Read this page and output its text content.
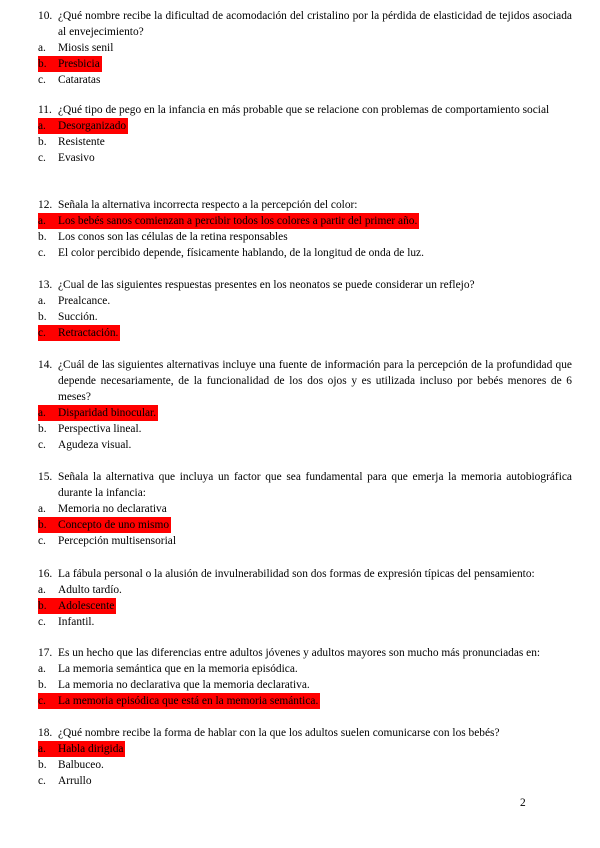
10. ¿Qué nombre recibe la dificultad de acomodación del cristalino por la pérdida de elasticidad de tejidos asociada al envejecimiento?
a.	Miosis senil
b.	Presbicia
c.	Cataratas
11. ¿Qué tipo de pego en la infancia en más probable que se relacione con problemas de comportamiento social
a.	Desorganizado
b.	Resistente
c.	Evasivo
12. Señala la alternativa incorrecta respecto a la percepción del color:
a.	Los bebés sanos comienzan a percibir todos los colores a partir del primer año.
b.	Los conos son las células de la retina responsables
c.	El color percibido depende, físicamente hablando, de la longitud de onda de luz.
13. ¿Cual de las siguientes respuestas presentes en los neonatos se puede considerar un reflejo?
a.	Prealcance.
b.	Succión.
c.	Retractación.
14. ¿Cuál de las siguientes alternativas incluye una fuente de información para la percepción de la profundidad que depende necesariamente, de la funcionalidad de los dos ojos y es utilizada incluso por bebés menores de 6 meses?
a.	Disparidad binocular.
b.	Perspectiva lineal.
c.	Agudeza visual.
15. Señala la alternativa que incluya un factor que sea fundamental para que emerja la memoria autobiográfica durante la infancia:
a.	Memoria no declarativa
b.	Concepto de uno mismo
c.	Percepción multisensorial
16. La fábula personal o la alusión de invulnerabilidad son dos formas de expresión típicas del pensamiento:
a.	Adulto tardío.
b.	Adolescente
c.	Infantil.
17. Es un hecho que las diferencias entre adultos jóvenes y adultos mayores son mucho más pronunciadas en:
a.	La memoria semántica que en la memoria episódica.
b.	La memoria no declarativa que la memoria declarativa.
c.	La memoria episódica que está en la memoria semántica.
18. ¿Qué nombre recibe la forma de hablar con la que los adultos suelen comunicarse con los bebés?
a.	Habla dirigida
b.	Balbuceo.
c.	Arrullo
2
